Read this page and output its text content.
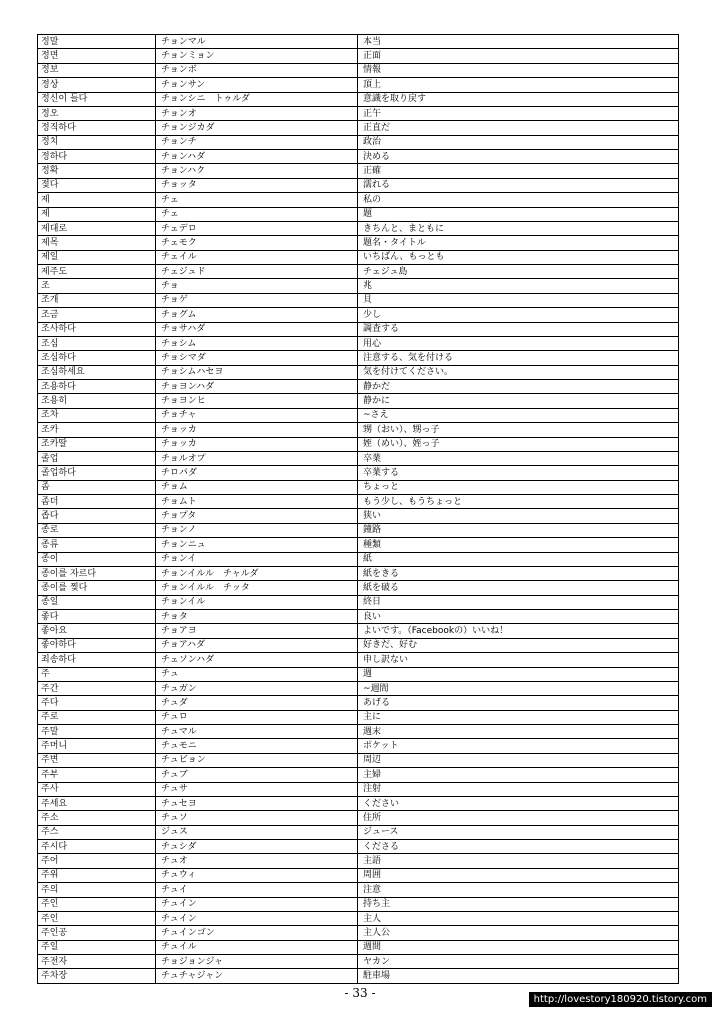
정말	チョンマル	本当
정면	チョンミョン	正面
정보	チョンボ	情報
정상	チョンサン	頂上
정신이 들다	チョンシニ　トゥルダ	意識を取り戻す
정오	チョンオ	正午
정직하다	チョンジカダ	正直だ
정치	チョンチ	政治
정하다	チョンハダ	決める
정확	チョンハク	正確
젖다	チョッタ	濡れる
제	チェ	私の
제	チェ	題
제대로	チェデロ	きちんと、まともに
제목	チェモク	題名・タイトル
제일	チェイル	いちばん、もっとも
제주도	チェジュド	チェジュ島
조	チョ	兆
조개	チョゲ	貝
조금	チョグム	少し
조사하다	チョサハダ	調査する
조심	チョシム	用心
조심하다	チョシマダ	注意する、気を付ける
조심하세요	チョシムハセヨ	気を付けてください。
조용하다	チョヨンハダ	静かだ
조용히	チョヨンヒ	静かに
조차	チョチャ	~さえ
조카	チョッカ	甥（おい）、甥っ子
조카딸	チョッカ	姪（めい）、姪っ子
졸업	チョルオプ	卒業
졸업하다	チロパダ	卒業する
좀	チョム	ちょっと
좀더	チョムト	もう少し、もうちょっと
좁다	チョプタ	狭い
종로	チョンノ	鐘路
종류	チョンニュ	種類
종이	チョンイ	紙
종이를 자르다	チョンイルル　チャルダ	紙をきる
종이를 찢다	チョンイルル　チッタ	紙を破る
종일	チョンイル	終日
좋다	チョタ	良い
좋아요	チョアヨ	よいです。（Facebookの）いいね！
좋아하다	チョアハダ	好きだ、好む
죄송하다	チェソンハダ	申し訳ない
주	チュ	週
주간	チュガン	~週間
주다	チュダ	あげる
주로	チュロ	主に
주말	チュマル	週末
주머니	チュモニ	ポケット
주변	チュビョン	周辺
주부	チュブ	主婦
주사	チュサ	注射
주세요	チュセヨ	ください
주소	チュソ	住所
주스	ジュス	ジュース
주시다	チュシダ	くださる
주어	チュオ	主語
주위	チュウィ	周囲
주의	チュイ	注意
주인	チュイン	持ち主
주인	チュイン	主人
주인공	チュインゴン	主人公
주일	チュイル	週間
주전자	チョジョンジャ	ヤカン
주차장	チュチャジャン	駐車場
- 33 -	http://lovestory180920.tistory.com
